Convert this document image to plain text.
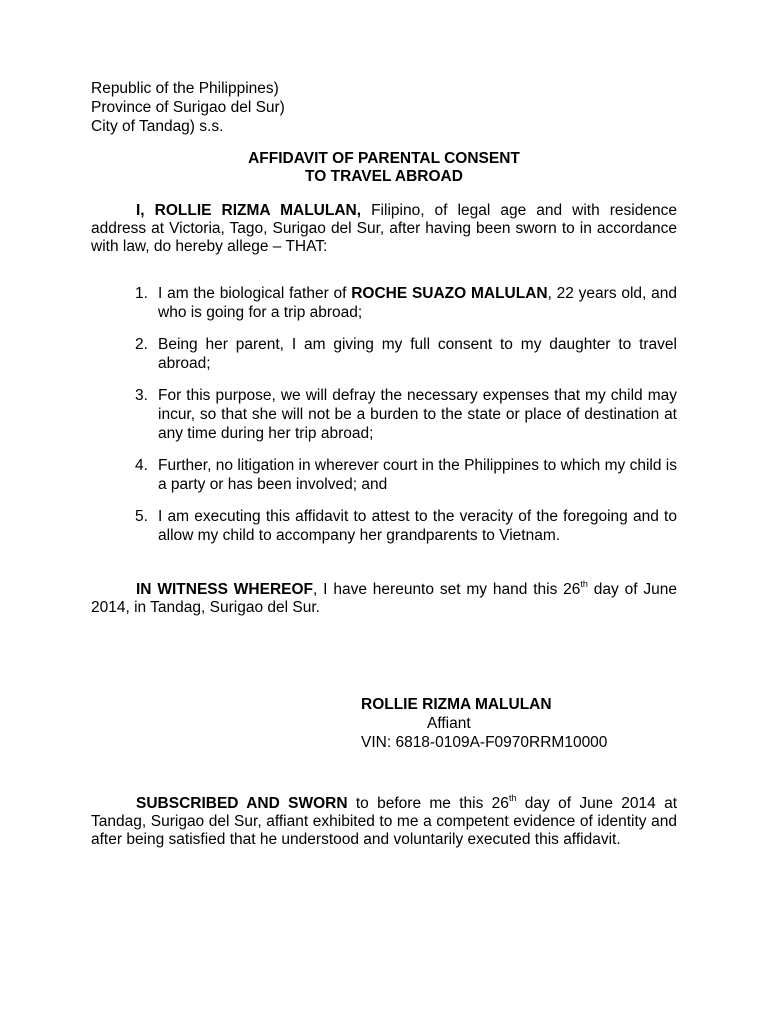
Republic of the Philippines)
Province of Surigao del Sur)
City of Tandag) s.s.
AFFIDAVIT OF PARENTAL CONSENT
TO TRAVEL ABROAD
I, ROLLIE RIZMA MALULAN, Filipino, of legal age and with residence address at Victoria, Tago, Surigao del Sur, after having been sworn to in accordance with law, do hereby allege – THAT:
1. I am the biological father of ROCHE SUAZO MALULAN, 22 years old, and who is going for a trip abroad;
2. Being her parent, I am giving my full consent to my daughter to travel abroad;
3. For this purpose, we will defray the necessary expenses that my child may incur, so that she will not be a burden to the state or place of destination at any time during her trip abroad;
4. Further, no litigation in wherever court in the Philippines to which my child is a party or has been involved; and
5. I am executing this affidavit to attest to the veracity of the foregoing and to allow my child to accompany her grandparents to Vietnam.
IN WITNESS WHEREOF, I have hereunto set my hand this 26th day of June 2014, in Tandag, Surigao del Sur.
ROLLIE RIZMA MALULAN
Affiant
VIN: 6818-0109A-F0970RRM10000
SUBSCRIBED AND SWORN to before me this 26th day of June 2014 at Tandag, Surigao del Sur, affiant exhibited to me a competent evidence of identity and after being satisfied that he understood and voluntarily executed this affidavit.
